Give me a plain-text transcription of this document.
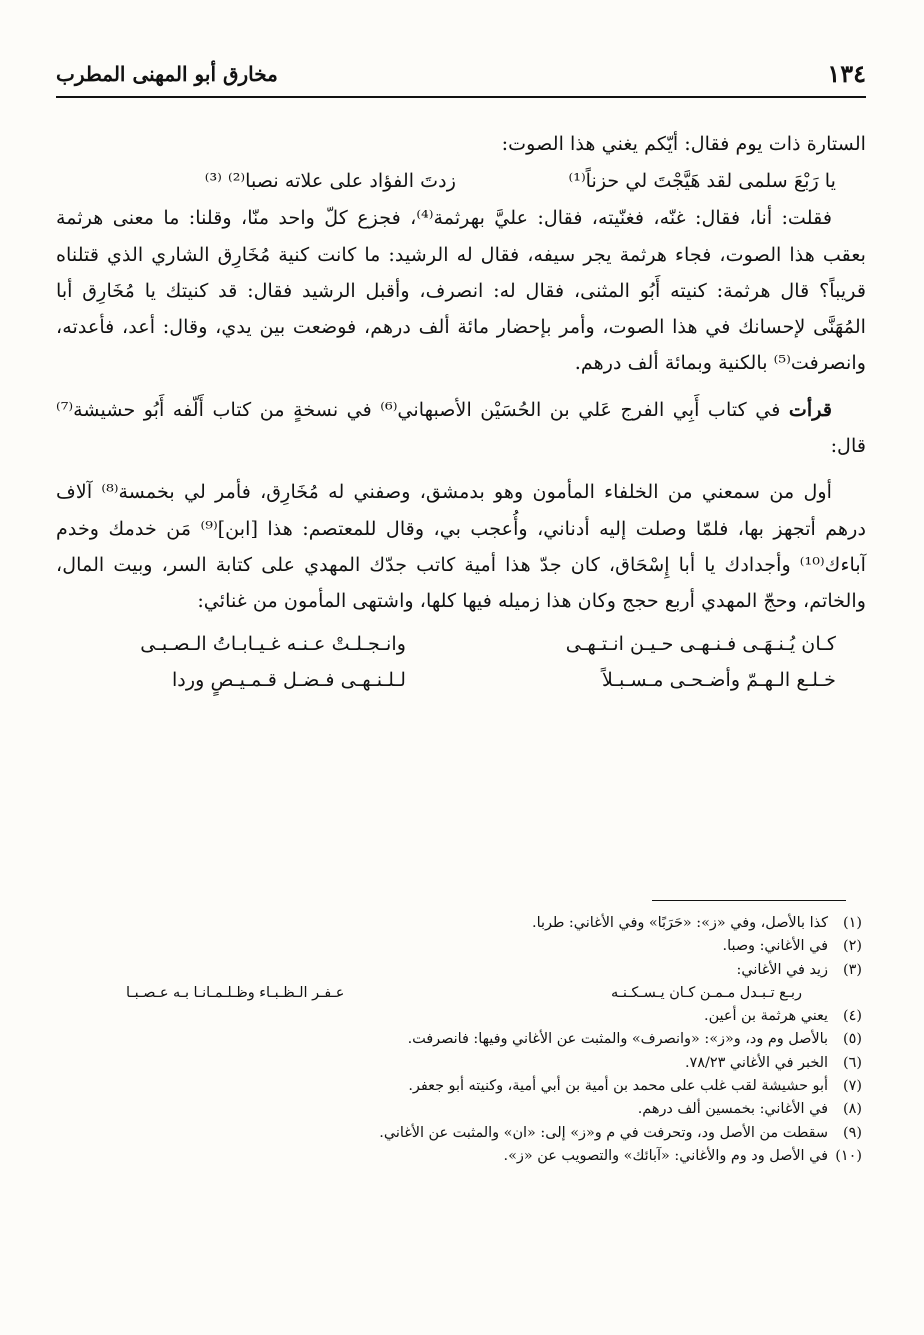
١٣٤
مخارق أبو المهنى المطرب

الستارة ذات يوم فقال: أيّكم يغني هذا الصوت:

يا رَبْعَ سلمى لقد هَيَّجْتَ لي حزناً⁽¹⁾
زدتَ الفؤاد على علاته نصبا⁽²⁾ ⁽³⁾

فقلت: أنا، فقال: غنّه، فغنّيته، فقال: عليَّ بهرثمة⁽⁴⁾، فجزع كلّ واحد منّا، وقلنا: ما معنى هرثمة بعقب هذا الصوت، فجاء هرثمة يجر سيفه، فقال له الرشيد: ما كانت كنية مُخَارِق الشاري الذي قتلناه قريباً؟ قال هرثمة: كنيته أَبُو المثنى، فقال له: انصرف، وأقبل الرشيد فقال: قد كنيتك يا مُخَارِق أبا المُهَنَّى لإحسانك في هذا الصوت، وأمر بإحضار مائة ألف درهم، فوضعت بين يدي، وقال: أعد، فأعدته، وانصرفت⁽⁵⁾ بالكنية وبمائة ألف درهم.

قرأت في كتاب أَبِي الفرج عَلي بن الحُسَيْن الأصبهاني⁽⁶⁾ في نسخةٍ من كتاب أَلّفه أَبُو حشيشة⁽⁷⁾ قال:

أول من سمعني من الخلفاء المأمون وهو بدمشق، وصفني له مُخَارِق، فأمر لي بخمسة⁽⁸⁾ آلاف درهم أتجهز بها، فلمّا وصلت إليه أدناني، وأُعجب بي، وقال للمعتصم: هذا [ابن]⁽⁹⁾ مَن خدمك وخدم آباءك⁽¹⁰⁾ وأجدادك يا أبا إِسْحَاق، كان جدّ هذا أمية كاتب جدّك المهدي على كتابة السر، وبيت المال، والخاتم، وحجّ المهدي أربع حجج وكان هذا زميله فيها كلها، واشتهى المأمون من غنائي:

كـان يُـنـهَـى فـنـهـى حـيـن انـتـهـى
وانـجـلـتْ عـنـه غـيـابـاتُ الـصـبـى
خـلـع الـهـمّ وأضـحـى مـسـبـلاً
لـلـنـهـى فـضـل قـمـيـصٍ وردا
(١)
كذا بالأصل، وفي «ز»: «حَرَبًا» وفي الأغاني: طربا.
(٢)
في الأغاني: وصبا.
(٣)
زيد في الأغاني:
ربـع تـبـدل مـمـن كـان يـسـكـنـه
عـفـر الـظـبـاء وظـلـمـانـا بـه عـصـبـا
(٤)
يعني هرثمة بن أعين.
(٥)
بالأصل وم ود، و«ز»: «وانصرف» والمثبت عن الأغاني وفيها: فانصرفت.
(٦)
الخبر في الأغاني ٧٨/٢٣.
(٧)
أبو حشيشة لقب غلب على محمد بن أمية بن أبي أمية، وكنيته أبو جعفر.
(٨)
في الأغاني: بخمسين ألف درهم.
(٩)
سقطت من الأصل ود، وتحرفت في م و«ز» إلى: «ان» والمثبت عن الأغاني.
(١٠)
في الأصل ود وم والأغاني: «آبائك» والتصويب عن «ز».
